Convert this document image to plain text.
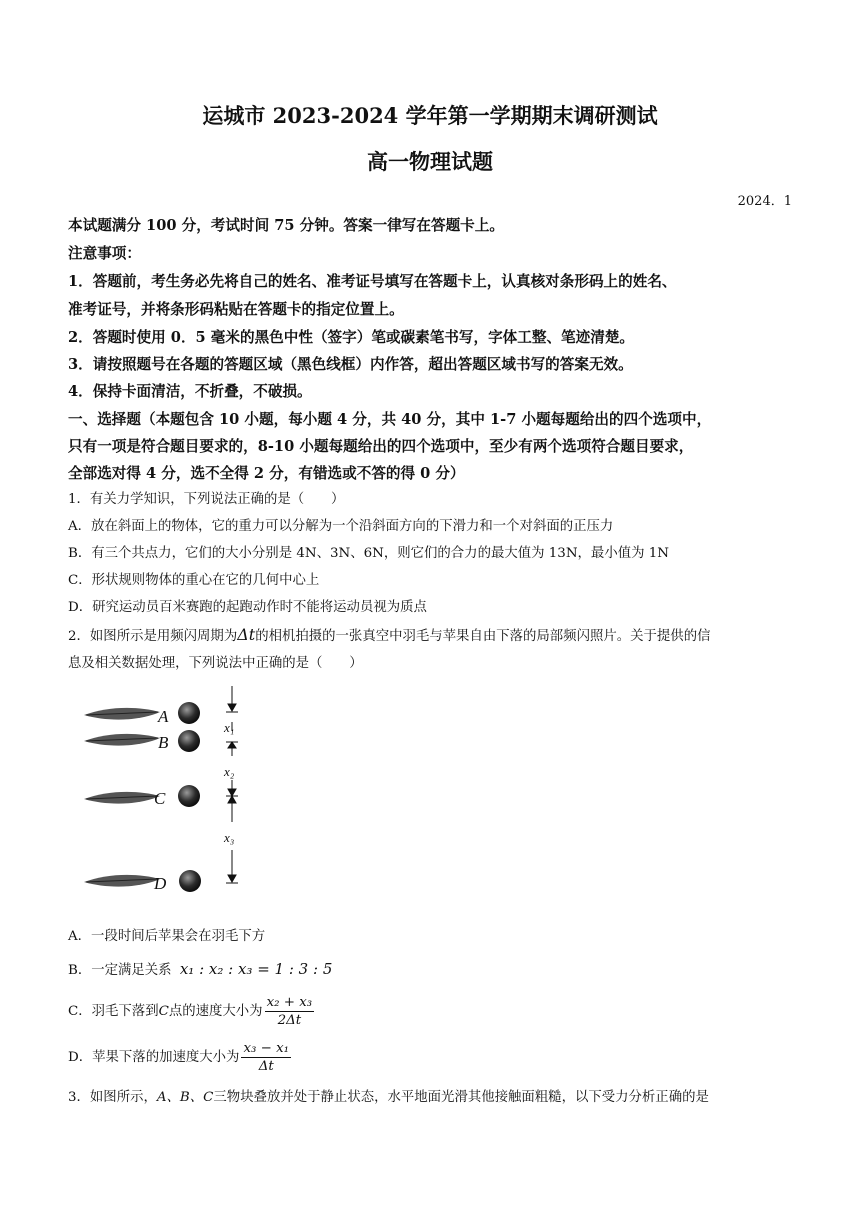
运城市 2023-2024 学年第一学期期末调研测试
高一物理试题
2024．1
本试题满分 100 分，考试时间 75 分钟。答案一律写在答题卡上。
注意事项：
1．答题前，考生务必先将自己的姓名、准考证号填写在答题卡上，认真核对条形码上的姓名、
准考证号，并将条形码粘贴在答题卡的指定位置上。
2．答题时使用 0．5 毫米的黑色中性（签字）笔或碳素笔书写，字体工整、笔迹清楚。
3．请按照题号在各题的答题区域（黑色线框）内作答，超出答题区域书写的答案无效。
4．保持卡面清洁，不折叠，不破损。
一、选择题（本题包含 10 小题，每小题 4 分，共 40 分，其中 1-7 小题每题给出的四个选项中，
只有一项是符合题目要求的，8-10 小题每题给出的四个选项中，至少有两个选项符合题目要求，
全部选对得 4 分，选不全得 2 分，有错选或不答的得 0 分）
1．有关力学知识，下列说法正确的是（　　）
A．放在斜面上的物体，它的重力可以分解为一个沿斜面方向的下滑力和一个对斜面的正压力
B．有三个共点力，它们的大小分别是 4N、3N、6N，则它们的合力的最大值为 13N，最小值为 1N
C．形状规则物体的重心在它的几何中心上
D．研究运动员百米赛跑的起跑动作时不能将运动员视为质点
2．如图所示是用频闪周期为Δt的相机拍摄的一张真空中羽毛与苹果自由下落的局部频闪照片。关于提供的信
息及相关数据处理，下列说法中正确的是（　　）
A
B
C
D
x₁
x₂
x₃
A．一段时间后苹果会在羽毛下方
B．一定满足关系 x₁ : x₂ : x₃ = 1 : 3 : 5
C．羽毛下落到C点的速度大小为 $\frac{\text{x₂ + x₃}}{2\Delta t}$
D．苹果下落的加速度大小为 $\frac{\text{x₃ − x₁}}{\Delta t}$
3．如图所示，A、B、C三物块叠放并处于静止状态，水平地面光滑其他接触面粗糙，以下受力分析正确的是
